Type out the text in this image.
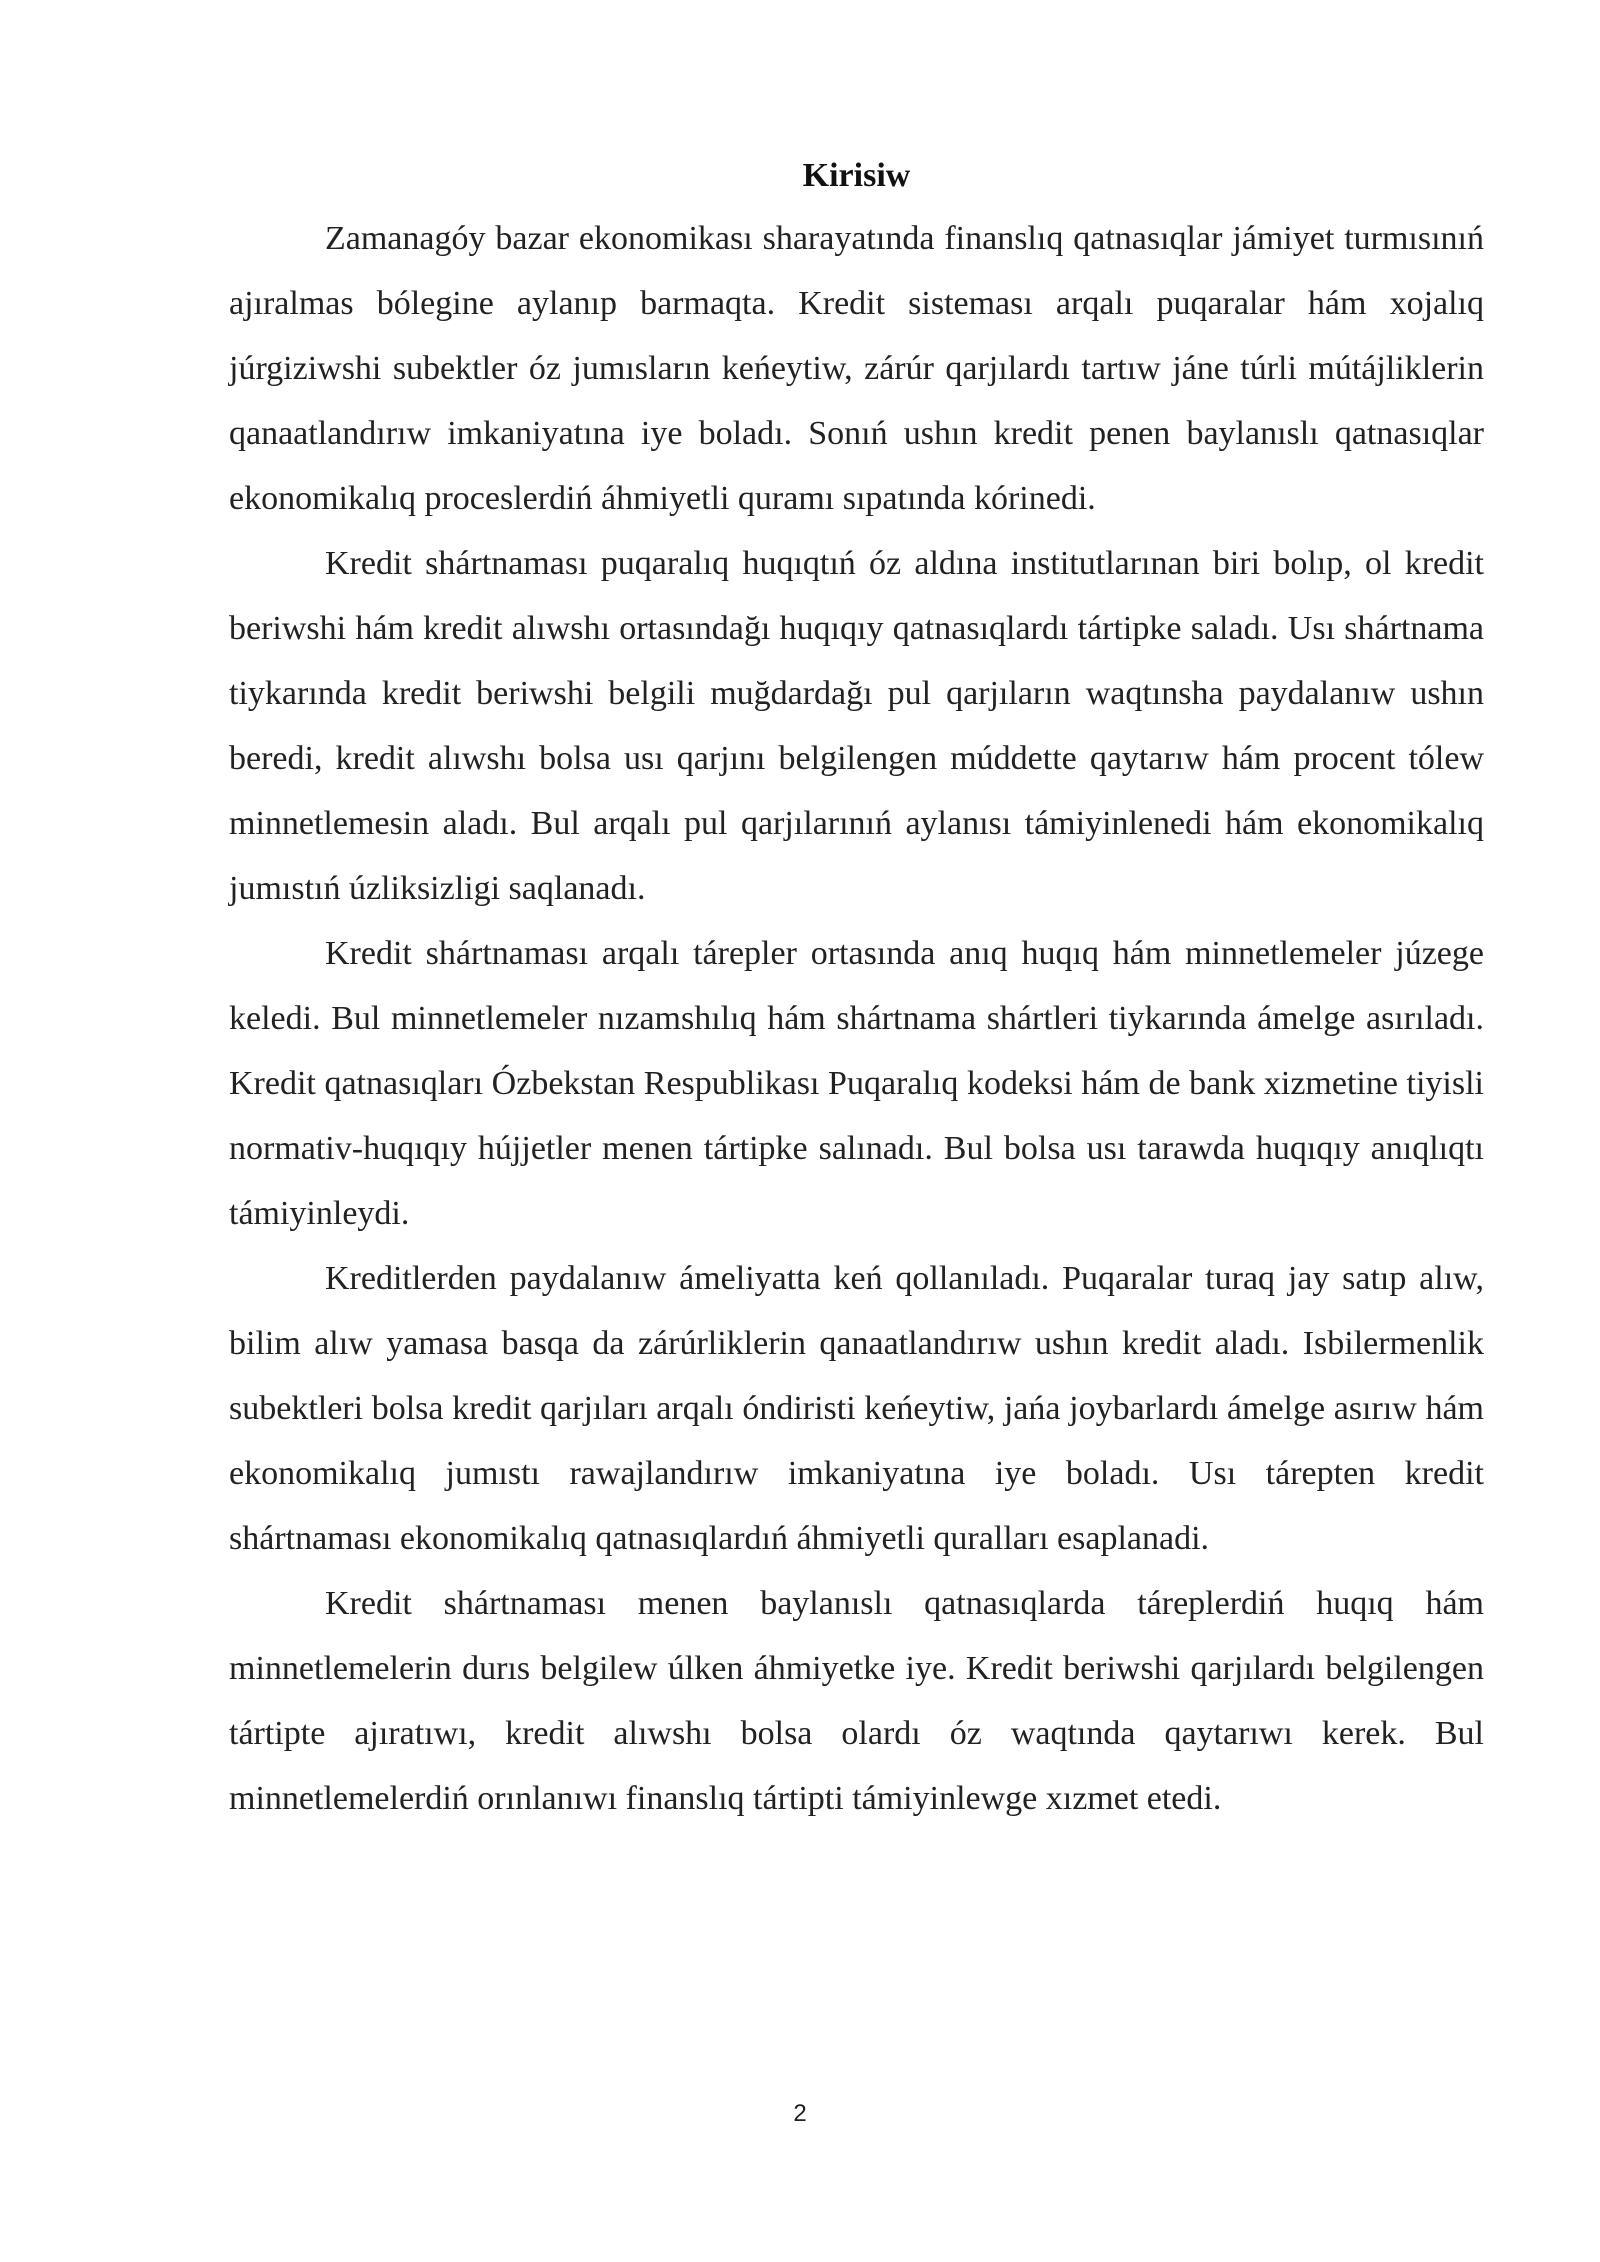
Kirisiw

Zamanagóy bazar ekonomikası sharayatında finanslıq qatnasıqlar jámiyet turmısınıń ajıralmas bólegine aylanıp barmaqta. Kredit sisteması arqalı puqaralar hám xojalıq júrgiziwshi subektler óz jumısların keńeytiw, zárúr qarjılardı tartıw jáne túrli mútájliklerin qanaatlandırıw imkaniyatına iye boladı. Sonıń ushın kredit penen baylanıslı qatnasıqlar ekonomikalıq proceslerdiń áhmiyetli quramı sıpatında kórinedi.

Kredit shártnaması puqaralıq huqıqtıń óz aldına institutlarınan biri bolıp, ol kredit beriwshi hám kredit alıwshı ortasındağı huqıqıy qatnasıqlardı tártipke saladı. Usı shártnama tiykarında kredit beriwshi belgili muğdardağı pul qarjıların waqtınsha paydalanıw ushın beredi, kredit alıwshı bolsa usı qarjını belgilengen múddette qaytarıw hám procent tólew minnetlemesin aladı. Bul arqalı pul qarjılarınıń aylanısı támiyinlenedi hám ekonomikalıq jumıstıń úzliksizligi saqlanadı.

Kredit shártnaması arqalı tárepler ortasında anıq huqıq hám minnetlemeler júzege keledi. Bul minnetlemeler nızamshılıq hám shártnama shártleri tiykarında ámelge asırıladı. Kredit qatnasıqları Ózbekstan Respublikası Puqaralıq kodeksi hám de bank xizmetine tiyisli normativ-huqıqıy hújjetler menen tártipke salınadı. Bul bolsa usı tarawda huqıqıy anıqlıqtı támiyinleydi.

Kreditlerden paydalanıw ámeliyatta keń qollanıladı. Puqaralar turaq jay satıp alıw, bilim alıw yamasa basqa da zárúrliklerin qanaatlandırıw ushın kredit aladı. Isbilermenlik subektleri bolsa kredit qarjıları arqalı óndiristi keńeytiw, jańa joybarlardı ámelge asırıw hám ekonomikalıq jumıstı rawajlandırıw imkaniyatına iye boladı. Usı tárepten kredit shártnaması ekonomikalıq qatnasıqlardıń áhmiyetli quralları esaplanadi.

Kredit shártnaması menen baylanıslı qatnasıqlarda táreplerdiń huqıq hám minnetlemelerin durıs belgilew úlken áhmiyetke iye. Kredit beriwshi qarjılardı belgilengen tártipte ajıratıwı, kredit alıwshı bolsa olardı óz waqtında qaytarıwı kerek. Bul minnetlemelerdiń orınlanıwı finanslıq tártipti támiyinlewge xızmet etedi.

2
